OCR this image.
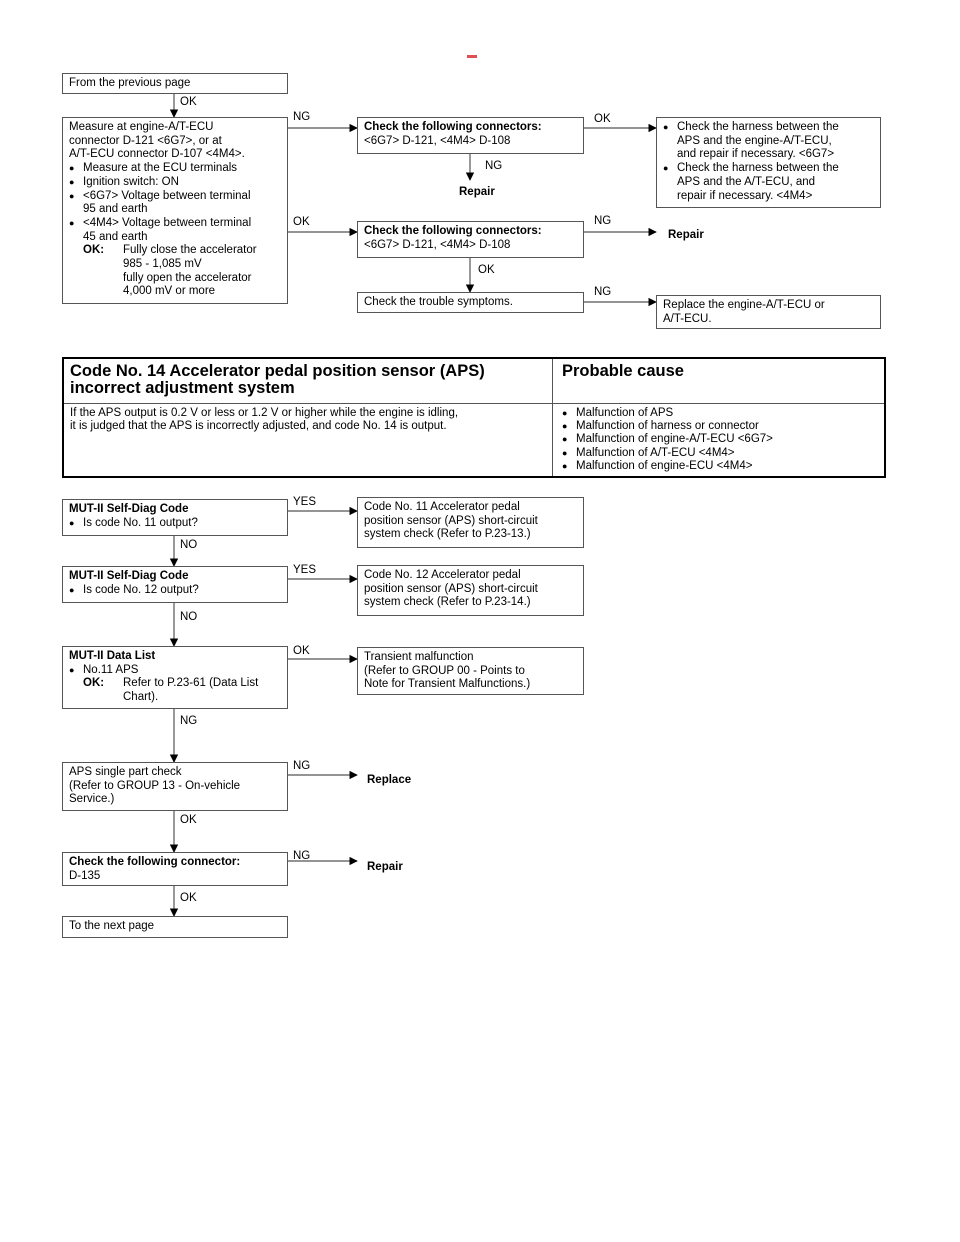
From the previous page
OK
Measure at engine-A/T-ECU
connector D-121 <6G7>, or at
A/T-ECU connector D-107 <4M4>.
● Measure at the ECU terminals
● Ignition switch: ON
● <6G7> Voltage between terminal
95 and earth
● <4M4> Voltage between terminal
45 and earth
OK:	Fully close the accelerator
985 - 1,085 mV
fully open the accelerator
4,000 mV or more
NG
Check the following connectors:
<6G7> D-121, <4M4> D-108
OK
● Check the harness between the
APS and the engine-A/T-ECU,
and repair if necessary. <6G7>
● Check the harness between the
APS and the A/T-ECU, and
repair if necessary. <4M4>
NG
Repair
OK
Check the following connectors:
<6G7> D-121, <4M4> D-108
NG
Repair
OK
Check the trouble symptoms.
NG
Replace the engine-A/T-ECU or
A/T-ECU.
Code No. 14 Accelerator pedal position sensor (APS)
incorrect adjustment system
Probable cause
If the APS output is 0.2 V or less or 1.2 V or higher while the engine is idling,
it is judged that the APS is incorrectly adjusted, and code No. 14 is output.
● Malfunction of APS
● Malfunction of harness or connector
● Malfunction of engine-A/T-ECU <6G7>
● Malfunction of A/T-ECU <4M4>
● Malfunction of engine-ECU <4M4>
MUT-II Self-Diag Code
● Is code No. 11 output?
YES	Code No. 11 Accelerator pedal
position sensor (APS) short-circuit
system check (Refer to P.23-13.)
NO
MUT-II Self-Diag Code
● Is code No. 12 output?
YES	Code No. 12 Accelerator pedal
position sensor (APS) short-circuit
system check (Refer to P.23-14.)
NO
MUT-II Data List
● No.11 APS
OK:	Refer to P.23-61 (Data List
Chart).
OK	Transient malfunction
(Refer to GROUP 00 - Points to
Note for Transient Malfunctions.)
NG
APS single part check
(Refer to GROUP 13 - On-vehicle
Service.)
NG
Replace
OK
Check the following connector:
D-135
NG
Repair
OK
To the next page
